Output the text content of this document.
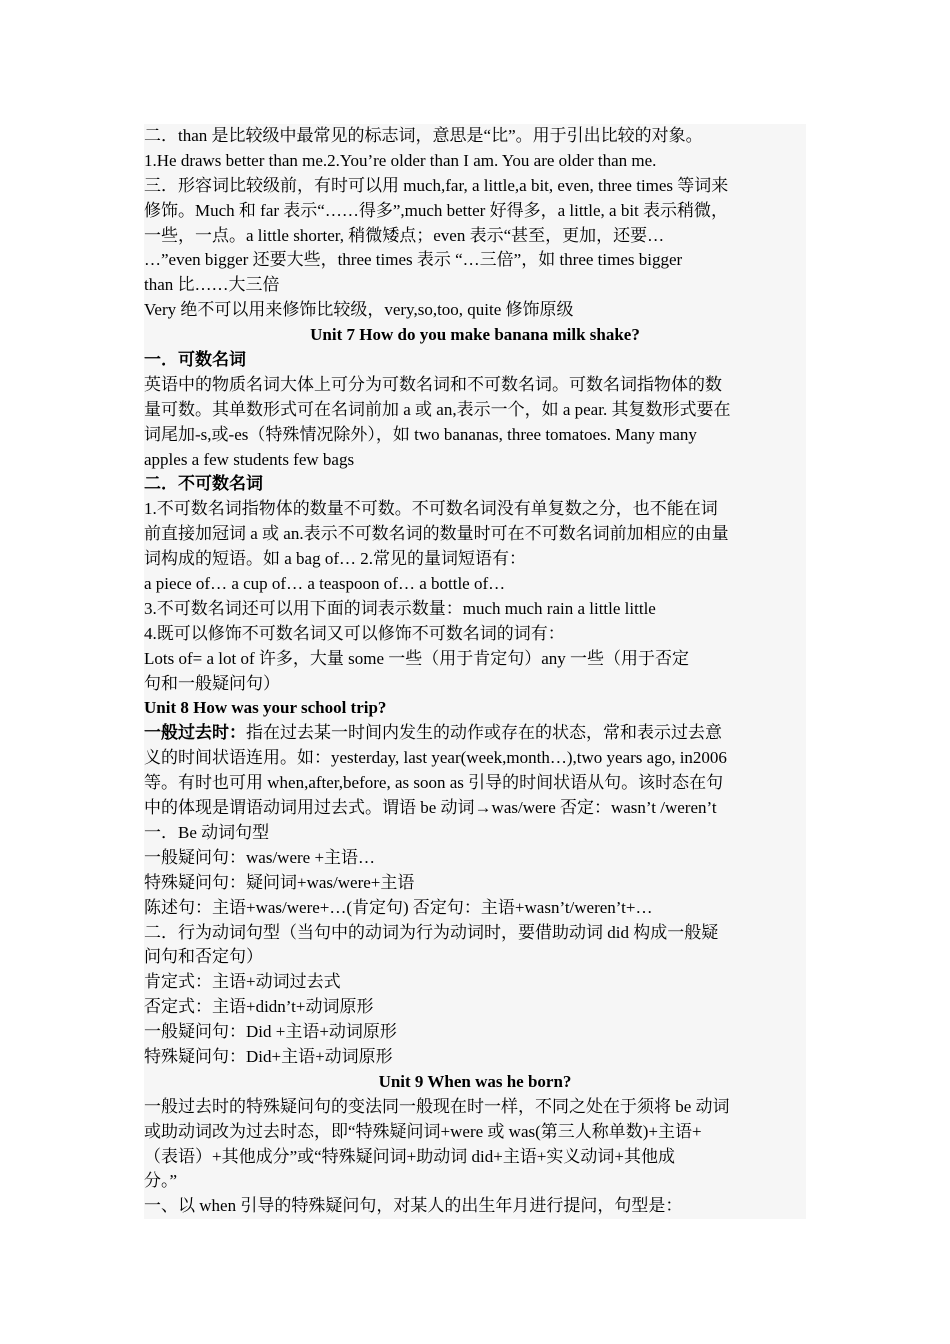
二．than 是比较级中最常见的标志词，意思是“比”。用于引出比较的对象。
1.He draws better than me.2.You’re older than I am. You are older than me.
三．形容词比较级前，有时可以用 much,far, a little,a bit, even, three times 等词来
修饰。Much 和 far 表示“……得多”,much better 好得多，a little, a bit 表示稍微，
一些，一点。a little shorter, 稍微矮点；even 表示“甚至，更加，还要…
…”even bigger 还要大些，three times 表示 “…三倍”，如 three times bigger
than 比……大三倍
Very 绝不可以用来修饰比较级，very,so,too, quite 修饰原级
Unit 7 How do you make banana milk shake?
一．可数名词
英语中的物质名词大体上可分为可数名词和不可数名词。可数名词指物体的数
量可数。其单数形式可在名词前加 a 或 an,表示一个，如 a pear. 其复数形式要在
词尾加-s,或-es（特殊情况除外），如 two bananas, three tomatoes. Many many
apples a few students few bags
二．不可数名词
1.不可数名词指物体的数量不可数。不可数名词没有单复数之分，也不能在词
前直接加冠词 a 或 an.表示不可数名词的数量时可在不可数名词前加相应的由量
词构成的短语。如 a bag of… 2.常见的量词短语有：
a piece of… a cup of… a teaspoon of… a bottle of…
3.不可数名词还可以用下面的词表示数量：much much rain a little little
4.既可以修饰不可数名词又可以修饰不可数名词的词有：
Lots of= a lot of 许多，大量 some 一些（用于肯定句）any 一些（用于否定
句和一般疑问句）
Unit 8 How was your school trip?
一般过去时：指在过去某一时间内发生的动作或存在的状态，常和表示过去意
义的时间状语连用。如：yesterday, last year(week,month…),two years ago, in2006
等。有时也可用 when,after,before, as soon as 引导的时间状语从句。该时态在句
中的体现是谓语动词用过去式。谓语 be 动词→was/were 否定：wasn’t /weren’t
一．Be 动词句型
一般疑问句：was/were +主语…
特殊疑问句：疑问词+was/were+主语
陈述句：主语+was/were+…(肯定句) 否定句：主语+wasn’t/weren’t+…
二．行为动词句型（当句中的动词为行为动词时，要借助动词 did 构成一般疑
问句和否定句）
肯定式：主语+动词过去式
否定式：主语+didn’t+动词原形
一般疑问句：Did +主语+动词原形
特殊疑问句：Did+主语+动词原形
Unit 9 When was he born?
一般过去时的特殊疑问句的变法同一般现在时一样，不同之处在于须将 be 动词
或助动词改为过去时态，即“特殊疑问词+were 或 was(第三人称单数)+主语+
（表语）+其他成分”或“特殊疑问词+助动词 did+主语+实义动词+其他成
分。”
一、以 when 引导的特殊疑问句，对某人的出生年月进行提问，句型是：
